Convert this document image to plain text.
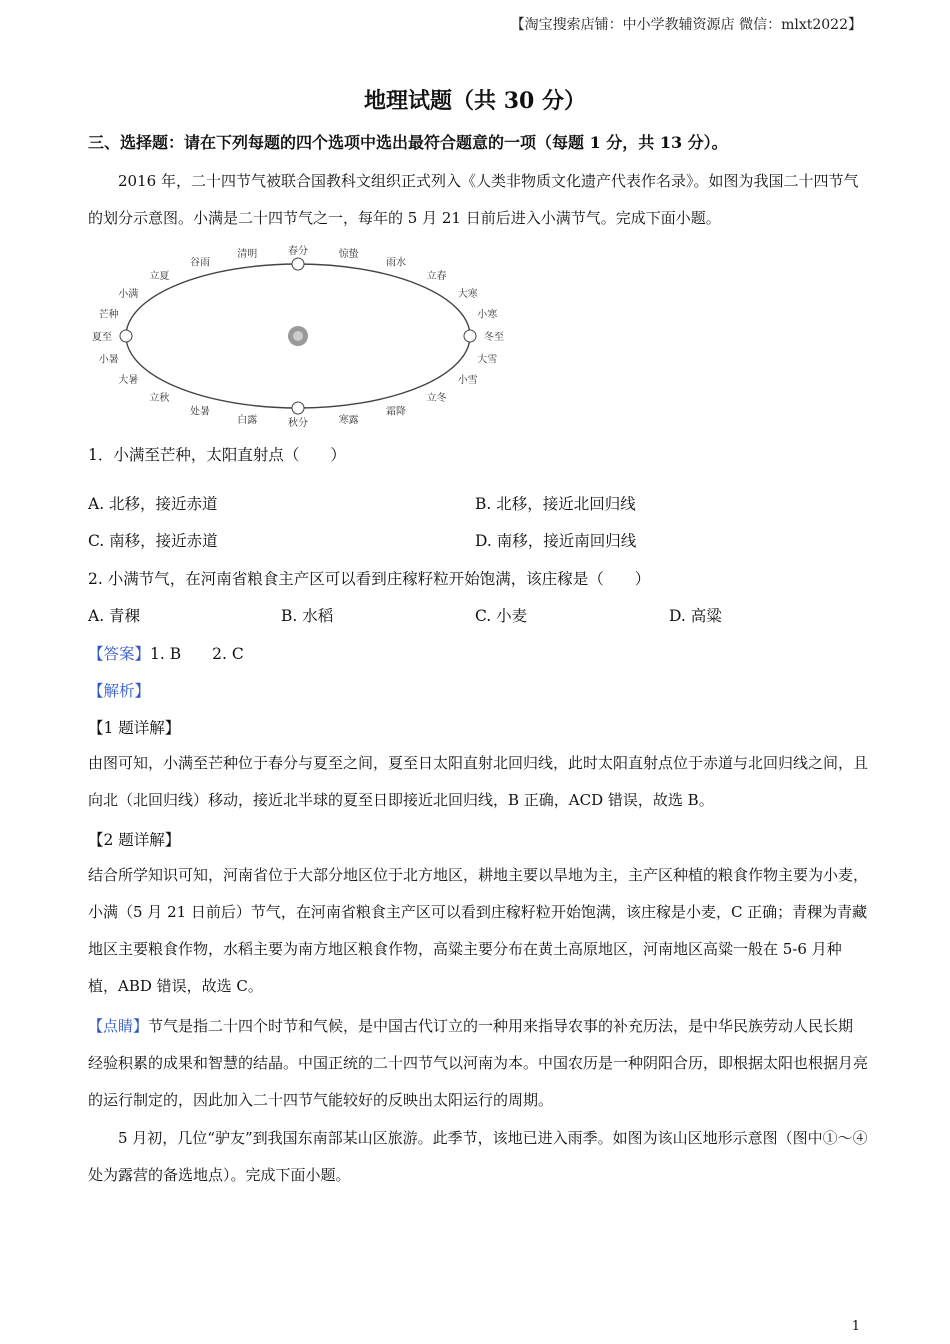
【淘宝搜索店铺：中小学教辅资源店 微信：mlxt2022】
地理试题（共 30 分）
三、选择题：请在下列每题的四个选项中选出最符合题意的一项（每题 1 分，共 13 分）。
2016 年，二十四节气被联合国教科文组织正式列入《人类非物质文化遗产代表作名录》。如图为我国二十四节气的划分示意图。小满是二十四节气之一，每年的 5 月 21 日前后进入小满节气。完成下面小题。
春分	惊蛰
雨水
立春
大寒
小寒
冬至
大雪
小雪
立冬
霜降
寒露
秋分
白露
处暑
立秋
大暑
小暑
夏至
芒种
小满
立夏
谷雨
清明
1．小满至芒种，太阳直射点（　　）
A. 北移，接近赤道	B. 北移，接近北回归线
C. 南移，接近赤道	D. 南移，接近南回归线
2. 小满节气，在河南省粮食主产区可以看到庄稼籽粒开始饱满，该庄稼是（　　）
A. 青稞	B. 水稻	C. 小麦	D. 高粱
【答案】1. B　　2. C
【解析】
【1 题详解】
由图可知，小满至芒种位于春分与夏至之间，夏至日太阳直射北回归线，此时太阳直射点位于赤道与北回归线之间，且向北（北回归线）移动，接近北半球的夏至日即接近北回归线，B 正确，ACD 错误，故选 B。
【2 题详解】
结合所学知识可知，河南省位于大部分地区位于北方地区，耕地主要以旱地为主，主产区种植的粮食作物主要为小麦，小满（5 月 21 日前后）节气，在河南省粮食主产区可以看到庄稼籽粒开始饱满，该庄稼是小麦，C 正确；青稞为青藏地区主要粮食作物，水稻主要为南方地区粮食作物，高粱主要分布在黄土高原地区，河南地区高粱一般在 5-6 月种植，ABD 错误，故选 C。
【点睛】节气是指二十四个时节和气候，是中国古代订立的一种用来指导农事的补充历法，是中华民族劳动人民长期经验积累的成果和智慧的结晶。中国正统的二十四节气以河南为本。中国农历是一种阴阳合历，即根据太阳也根据月亮的运行制定的，因此加入二十四节气能较好的反映出太阳运行的周期。
5 月初，几位“驴友”到我国东南部某山区旅游。此季节，该地已进入雨季。如图为该山区地形示意图（图中①～④处为露营的备选地点）。完成下面小题。
1
